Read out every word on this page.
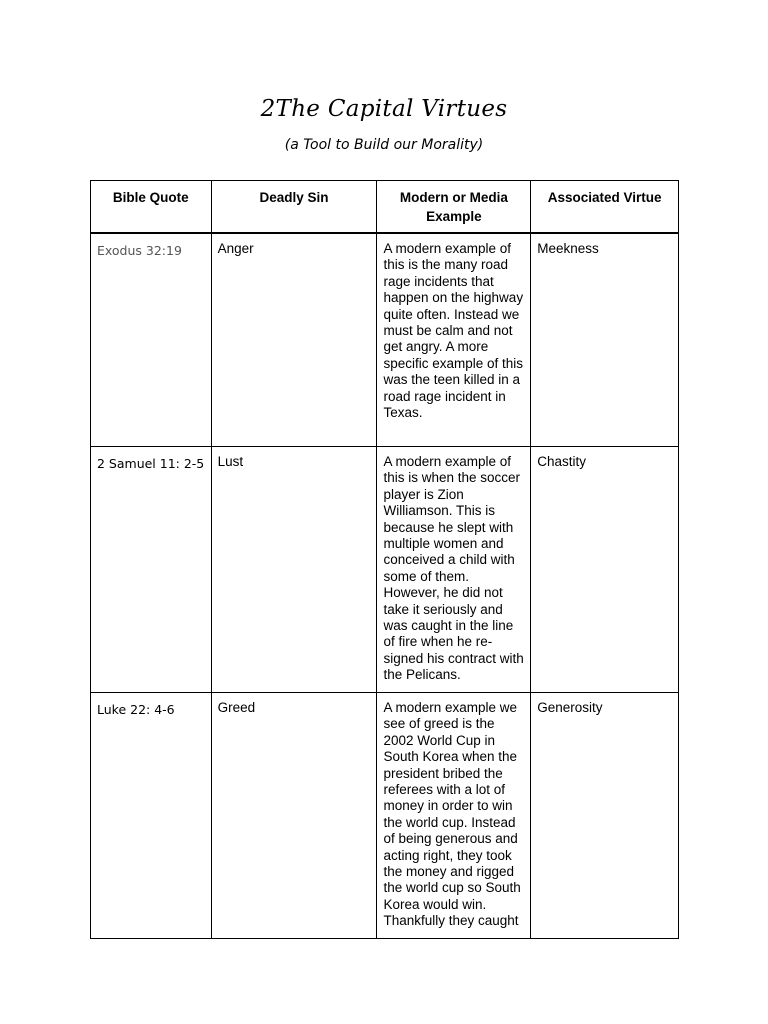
2The Capital Virtues
(a Tool to Build our Morality)
Bible Quote	Deadly Sin	Modern or Media Example	Associated Virtue
Exodus 32:19	Anger	A modern example of this is the many road rage incidents that happen on the highway quite often. Instead we must be calm and not get angry. A more specific example of this was the teen killed in a road rage incident in Texas.	Meekness
2 Samuel 11: 2-5	Lust	A modern example of this is when the soccer player is Zion Williamson. This is because he slept with multiple women and conceived a child with some of them. However, he did not take it seriously and was caught in the line of fire when he re-signed his contract with the Pelicans.	Chastity
Luke 22: 4-6	Greed	A modern example we see of greed is the 2002 World Cup in South Korea when the president bribed the referees with a lot of money in order to win the world cup. Instead of being generous and acting right, they took the money and rigged the world cup so South Korea would win. Thankfully they caught	Generosity
